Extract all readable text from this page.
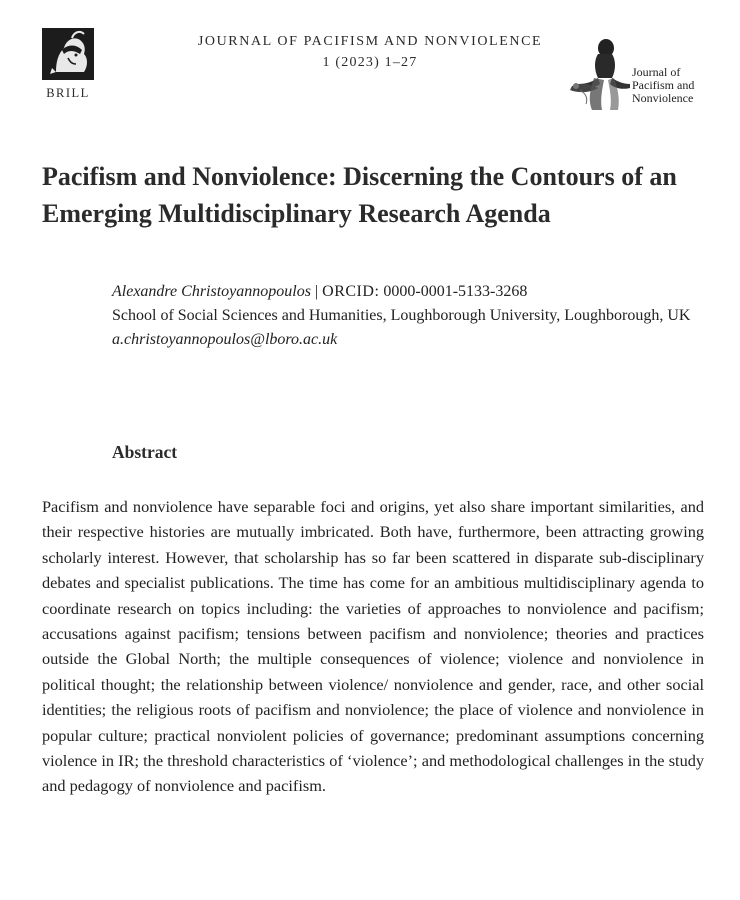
BRILL
JOURNAL OF PACIFISM AND NONVIOLENCE
1 (2023) 1–27
Journal of
Pacifism and
Nonviolence
Pacifism and Nonviolence: Discerning the Contours of an Emerging Multidisciplinary Research Agenda
Alexandre Christoyannopoulos | ORCID: 0000-0001-5133-3268
School of Social Sciences and Humanities, Loughborough University, Loughborough, UK
a.christoyannopoulos@lboro.ac.uk
Abstract

Pacifism and nonviolence have separable foci and origins, yet also share important similarities, and their respective histories are mutually imbricated. Both have, furthermore, been attracting growing scholarly interest. However, that scholarship has so far been scattered in disparate sub-disciplinary debates and specialist publications. The time has come for an ambitious multidisciplinary agenda to coordinate research on topics including: the varieties of approaches to nonviolence and pacifism; accusations against pacifism; tensions between pacifism and nonviolence; theories and practices outside the Global North; the multiple consequences of violence; violence and nonviolence in political thought; the relationship between violence/ nonviolence and gender, race, and other social identities; the religious roots of pacifism and nonviolence; the place of violence and nonviolence in popular culture; practical nonviolent policies of governance; predominant assumptions concerning violence in IR; the threshold characteristics of ‘violence’; and methodological challenges in the study and pedagogy of nonviolence and pacifism.
